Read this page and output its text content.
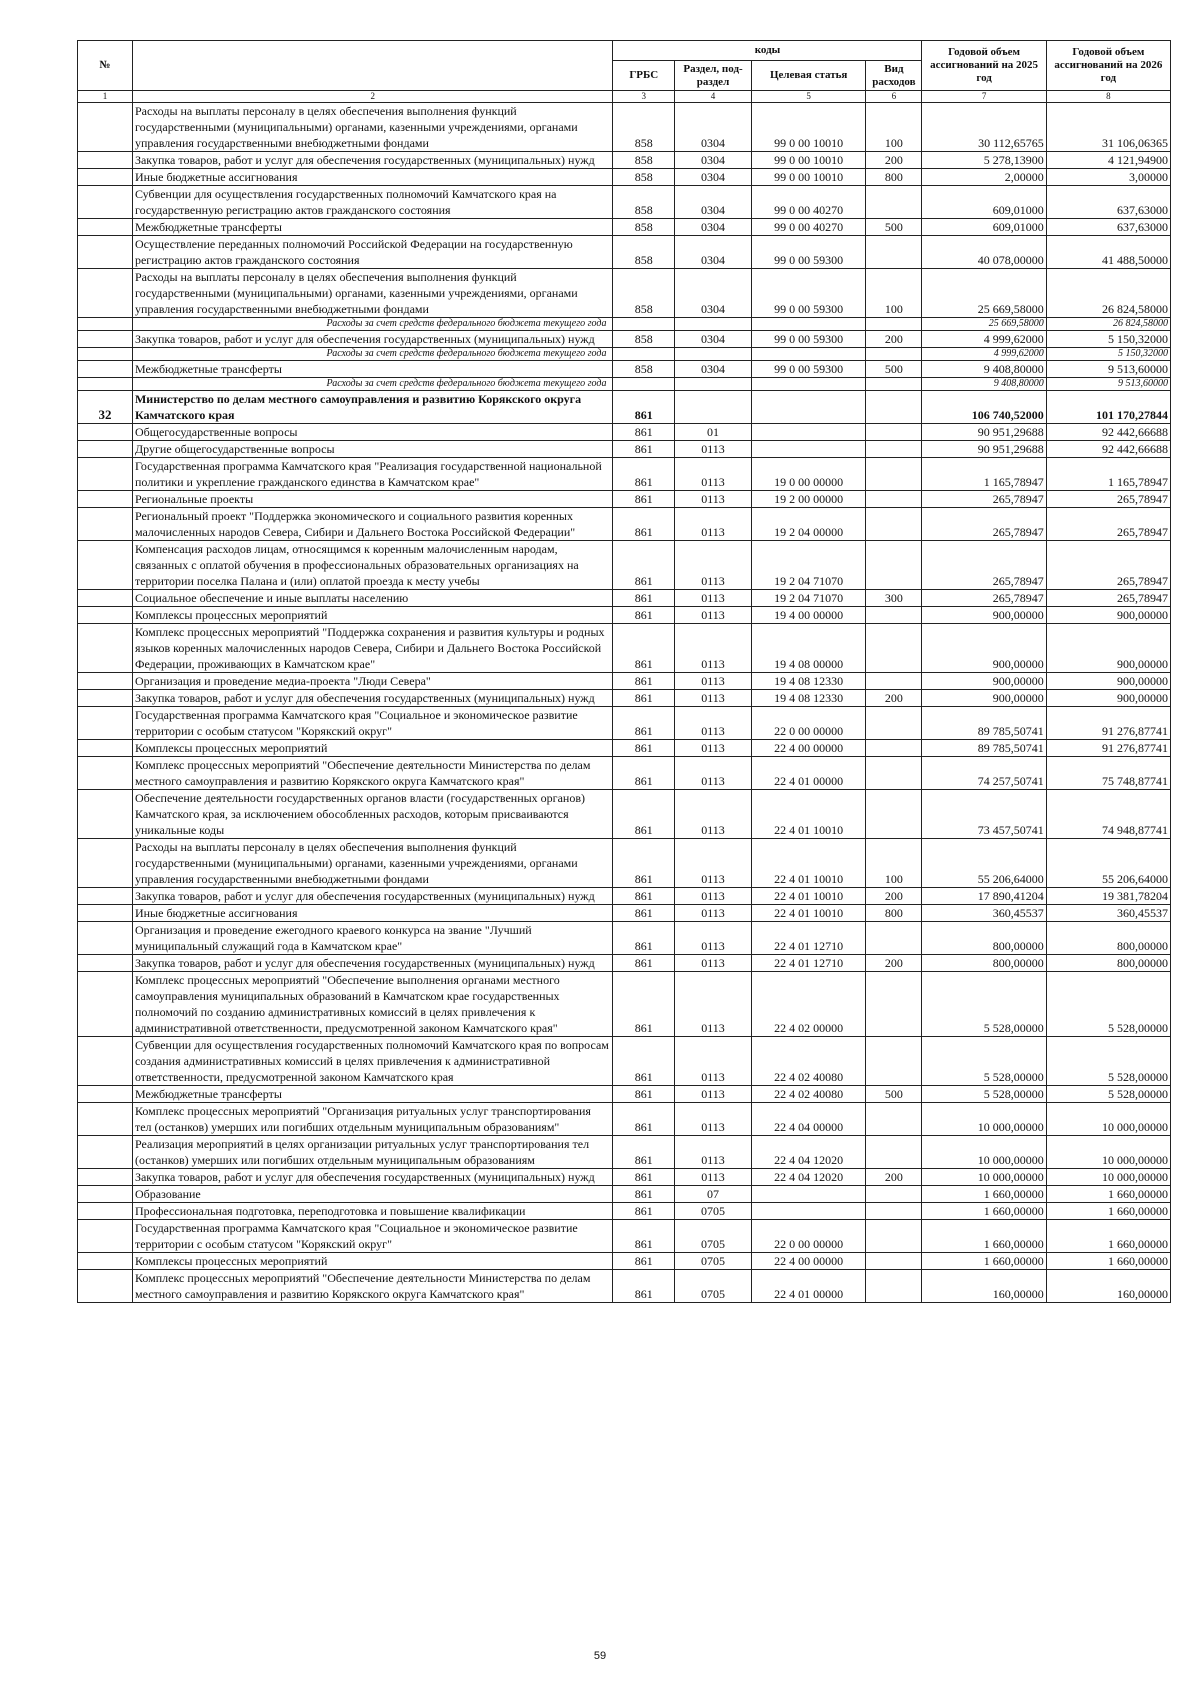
№		коды				Годовой объем ассигнований на 2025 год	Годовой объем ассигнований на 2026 год
		ГРБС	Раздел, под-раздел	Целевая статья	Вид расходов		
1	2	3	4	5	6	7	8
	Расходы на выплаты персоналу в целях обеспечения выполнения функций государственными (муниципальными) органами, казенными учреждениями, органами управления государственными внебюджетными фондами	858	0304	99 0 00 10010	100	30 112,65765	31 106,06365
	Закупка товаров, работ и услуг для обеспечения государственных (муниципальных) нужд	858	0304	99 0 00 10010	200	5 278,13900	4 121,94900
	Иные бюджетные ассигнования	858	0304	99 0 00 10010	800	2,00000	3,00000
	Субвенции для осуществления государственных полномочий Камчатского края на государственную регистрацию актов гражданского состояния	858	0304	99 0 00 40270		609,01000	637,63000
	Межбюджетные трансферты	858	0304	99 0 00 40270	500	609,01000	637,63000
	Осуществление переданных полномочий Российской Федерации на государственную регистрацию актов гражданского состояния	858	0304	99 0 00 59300		40 078,00000	41 488,50000
	Расходы на выплаты персоналу в целях обеспечения выполнения функций государственными (муниципальными) органами, казенными учреждениями, органами управления государственными внебюджетными фондами	858	0304	99 0 00 59300	100	25 669,58000	26 824,58000
	Расходы за счет средств федерального бюджета текущего года					25 669,58000	26 824,58000
	Закупка товаров, работ и услуг для обеспечения государственных (муниципальных) нужд	858	0304	99 0 00 59300	200	4 999,62000	5 150,32000
	Расходы за счет средств федерального бюджета текущего года					4 999,62000	5 150,32000
	Межбюджетные трансферты	858	0304	99 0 00 59300	500	9 408,80000	9 513,60000
	Расходы за счет средств федерального бюджета текущего года					9 408,80000	9 513,60000
32	Министерство по делам местного самоуправления и развитию Корякского округа Камчатского края	861				106 740,52000	101 170,27844
	Общегосударственные вопросы	861	01			90 951,29688	92 442,66688
	Другие общегосударственные вопросы	861	0113			90 951,29688	92 442,66688
	Государственная программа Камчатского края "Реализация государственной национальной политики и укрепление гражданского единства в Камчатском крае"	861	0113	19 0 00 00000		1 165,78947	1 165,78947
	Региональные проекты	861	0113	19 2 00 00000		265,78947	265,78947
	Региональный проект "Поддержка экономического и социального развития коренных малочисленных народов Севера, Сибири и Дальнего Востока Российской Федерации"	861	0113	19 2 04 00000		265,78947	265,78947
	Компенсация расходов лицам, относящимся к коренным малочисленным народам, связанных с оплатой обучения в профессиональных образовательных организациях на территории поселка Палана и (или) оплатой проезда к месту учебы	861	0113	19 2 04 71070		265,78947	265,78947
	Социальное обеспечение и иные выплаты населению	861	0113	19 2 04 71070	300	265,78947	265,78947
	Комплексы процессных мероприятий	861	0113	19 4 00 00000		900,00000	900,00000
	Комплекс процессных мероприятий "Поддержка сохранения и развития культуры и родных языков коренных малочисленных народов Севера, Сибири и Дальнего Востока Российской Федерации, проживающих в Камчатском крае"	861	0113	19 4 08 00000		900,00000	900,00000
	Организация и проведение медиа-проекта "Люди Севера"	861	0113	19 4 08 12330		900,00000	900,00000
	Закупка товаров, работ и услуг для обеспечения государственных (муниципальных) нужд	861	0113	19 4 08 12330	200	900,00000	900,00000
	Государственная программа Камчатского края "Социальное и экономическое развитие территории с особым статусом "Корякский округ"	861	0113	22 0 00 00000		89 785,50741	91 276,87741
	Комплексы процессных мероприятий	861	0113	22 4 00 00000		89 785,50741	91 276,87741
	Комплекс процессных мероприятий "Обеспечение деятельности Министерства по делам местного самоуправления и развитию Корякского округа Камчатского края"	861	0113	22 4 01 00000		74 257,50741	75 748,87741
	Обеспечение деятельности государственных органов власти (государственных органов) Камчатского края, за исключением обособленных расходов, которым присваиваются уникальные коды	861	0113	22 4 01 10010		73 457,50741	74 948,87741
	Расходы на выплаты персоналу в целях обеспечения выполнения функций государственными (муниципальными) органами, казенными учреждениями, органами управления государственными внебюджетными фондами	861	0113	22 4 01 10010	100	55 206,64000	55 206,64000
	Закупка товаров, работ и услуг для обеспечения государственных (муниципальных) нужд	861	0113	22 4 01 10010	200	17 890,41204	19 381,78204
	Иные бюджетные ассигнования	861	0113	22 4 01 10010	800	360,45537	360,45537
	Организация и проведение ежегодного краевого конкурса на звание "Лучший муниципальный служащий года в Камчатском крае"	861	0113	22 4 01 12710		800,00000	800,00000
	Закупка товаров, работ и услуг для обеспечения государственных (муниципальных) нужд	861	0113	22 4 01 12710	200	800,00000	800,00000
	Комплекс процессных мероприятий "Обеспечение выполнения органами местного самоуправления муниципальных образований в Камчатском крае государственных полномочий по созданию административных комиссий в целях привлечения к административной ответственности, предусмотренной законом Камчатского края"	861	0113	22 4 02 00000		5 528,00000	5 528,00000
	Субвенции для осуществления государственных полномочий Камчатского края по вопросам создания административных комиссий в целях привлечения к административной ответственности, предусмотренной законом Камчатского края	861	0113	22 4 02 40080		5 528,00000	5 528,00000
	Межбюджетные трансферты	861	0113	22 4 02 40080	500	5 528,00000	5 528,00000
	Комплекс процессных мероприятий "Организация ритуальных услуг транспортирования тел (останков) умерших или погибших отдельным муниципальным образованиям"	861	0113	22 4 04 00000		10 000,00000	10 000,00000
	Реализация мероприятий в целях организации ритуальных услуг транспортирования тел (останков) умерших или погибших отдельным муниципальным образованиям	861	0113	22 4 04 12020		10 000,00000	10 000,00000
	Закупка товаров, работ и услуг для обеспечения государственных (муниципальных) нужд	861	0113	22 4 04 12020	200	10 000,00000	10 000,00000
	Образование	861	07			1 660,00000	1 660,00000
	Профессиональная подготовка, переподготовка и повышение квалификации	861	0705			1 660,00000	1 660,00000
	Государственная программа Камчатского края "Социальное и экономическое развитие территории с особым статусом "Корякский округ"	861	0705	22 0 00 00000		1 660,00000	1 660,00000
	Комплексы процессных мероприятий	861	0705	22 4 00 00000		1 660,00000	1 660,00000
	Комплекс процессных мероприятий "Обеспечение деятельности Министерства по делам местного самоуправления и развитию Корякского округа Камчатского края"	861	0705	22 4 01 00000		160,00000	160,00000
59
